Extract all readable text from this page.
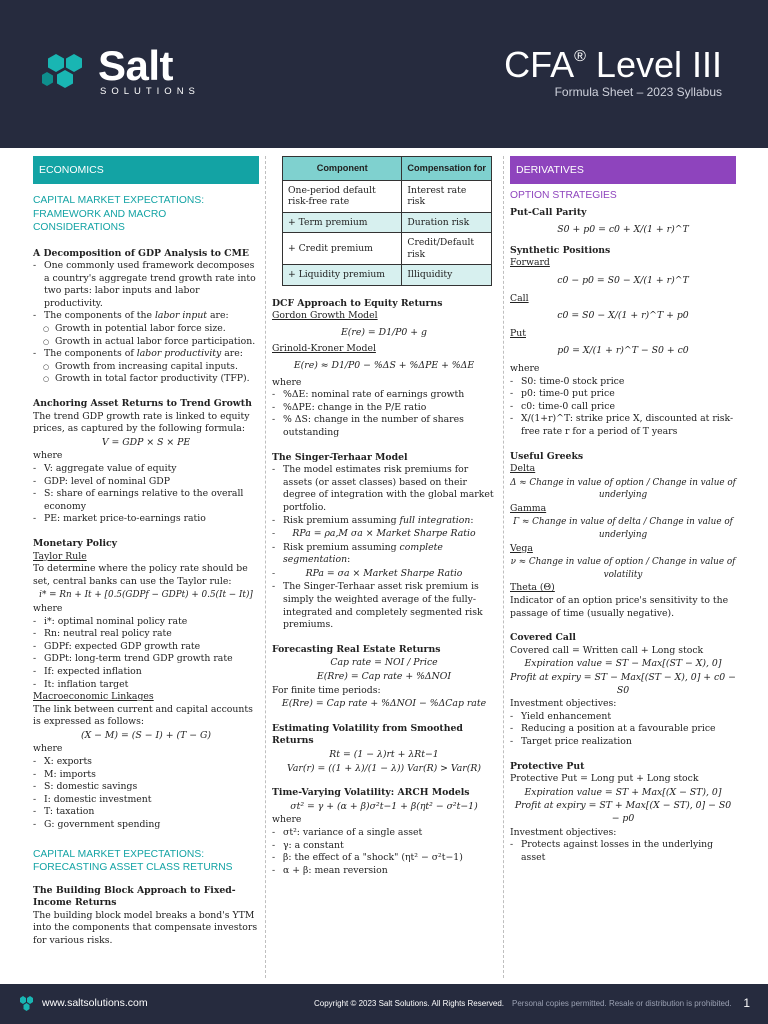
Salt
SOLUTIONS
CFA® Level III
Formula Sheet – 2023 Syllabus
ECONOMICS
CAPITAL MARKET EXPECTATIONS: FRAMEWORK AND MACRO CONSIDERATIONS
A Decomposition of GDP Analysis to CME
- One commonly used framework decomposes a country's aggregate trend growth rate into two parts: labor inputs and labor productivity.
- The components of the labor input are:
○ Growth in potential labor force size.
○ Growth in actual labor force participation.
- The components of labor productivity are:
○ Growth from increasing capital inputs.
○ Growth in total factor productivity (TFP).
Anchoring Asset Returns to Trend Growth

The trend GDP growth rate is linked to equity prices, as captured by the following formula:

V = GDP × S × PE

where

- V: aggregate value of equity
- GDP: level of nominal GDP
- S: share of earnings relative to the overall economy
- PE: market price-to-earnings ratio
Monetary Policy

Taylor Rule

To determine where the policy rate should be set, central banks can use the Taylor rule:

i* = Rn + It + [0.5(GDPf − GDPt) + 0.5(It − It)]

where

- i*: optimal nominal policy rate
- Rn: neutral real policy rate
- GDPf: expected GDP growth rate
- GDPt: long-term trend GDP growth rate
- If: expected inflation
- It: inflation target

Macroeconomic Linkages

The link between current and capital accounts is expressed as follows:

(X − M) = (S − I) + (T − G)

where

- X: exports
- M: imports
- S: domestic savings
- I: domestic investment
- T: taxation
- G: government spending
CAPITAL MARKET EXPECTATIONS: FORECASTING ASSET CLASS RETURNS
The Building Block Approach to Fixed-Income Returns

The building block model breaks a bond's YTM into the components that compensate investors for various risks.

Component	Compensation for
One-period default risk-free rate	Interest rate risk
+ Term premium	Duration risk
+ Credit premium	Credit/Default risk
+ Liquidity premium	Illiquidity
DCF Approach to Equity Returns

Gordon Growth Model

E(re) = D1/P0 + g

Grinold-Kroner Model

E(re) ≈ D1/P0 − %ΔS + %ΔPE + %ΔE

where

- %ΔE: nominal rate of earnings growth
- %ΔPE: change in the P/E ratio
- % ΔS: change in the number of shares outstanding
The Singer-Terhaar Model
- The model estimates risk premiums for assets (or asset classes) based on their degree of integration with the global market portfolio.
- Risk premium assuming full integration:
- RPa = ρa,M σa × Market Sharpe Ratio
- Risk premium assuming complete segmentation:
- RPa = σa × Market Sharpe Ratio
- The Singer-Terhaar asset risk premium is simply the weighted average of the fully-integrated and completely segmented risk premiums.
Forecasting Real Estate Returns

Cap rate = NOI / Price

E(Rre) = Cap rate + %ΔNOI

For finite time periods:

E(Rre) = Cap rate + %ΔNOI − %ΔCap rate

Estimating Volatility from Smoothed Returns

Rt = (1 − λ)rt + λRt−1

Var(r) = ((1 + λ)/(1 − λ)) Var(R) > Var(R)

Time-Varying Volatility: ARCH Models

σt² = γ + (α + β)σ²t−1 + β(ηt² − σ²t−1)

where

- σt²: variance of a single asset
- γ: a constant
- β: the effect of a "shock" (ηt² − σ²t−1)
- α + β: mean reversion
DERIVATIVES
OPTION STRATEGIES
Put-Call Parity

S0 + p0 = c0 + X/(1 + r)^T

Synthetic Positions

Forward

c0 − p0 = S0 − X/(1 + r)^T

Call

c0 = S0 − X/(1 + r)^T + p0

Put

p0 = X/(1 + r)^T − S0 + c0

where

- S0: time-0 stock price
- p0: time-0 put price
- c0: time-0 call price
- X/(1+r)^T: strike price X, discounted at risk-free rate r for a period of T years
Useful Greeks

Delta

Δ ≈ Change in value of option / Change in value of underlying

Gamma

Γ ≈ Change in value of delta / Change in value of underlying

Vega

ν ≈ Change in value of option / Change in value of volatility

Theta (Θ)

Indicator of an option price's sensitivity to the passage of time (usually negative).

Covered Call

Covered call = Written call + Long stock

Expiration value = ST − Max[(ST − X), 0]

Profit at expiry = ST − Max[(ST − X), 0] + c0 − S0

Investment objectives:

- Yield enhancement
- Reducing a position at a favourable price
- Target price realization
Protective Put

Protective Put = Long put + Long stock

Expiration value = ST + Max[(X − ST), 0]

Profit at expiry = ST + Max[(X − ST), 0] − S0 − p0

Investment objectives:

- Protects against losses in the underlying asset
www.saltsolutions.com	Copyright © 2023 Salt Solutions. All Rights Reserved. Personal copies permitted. Resale or distribution is prohibited. 1
